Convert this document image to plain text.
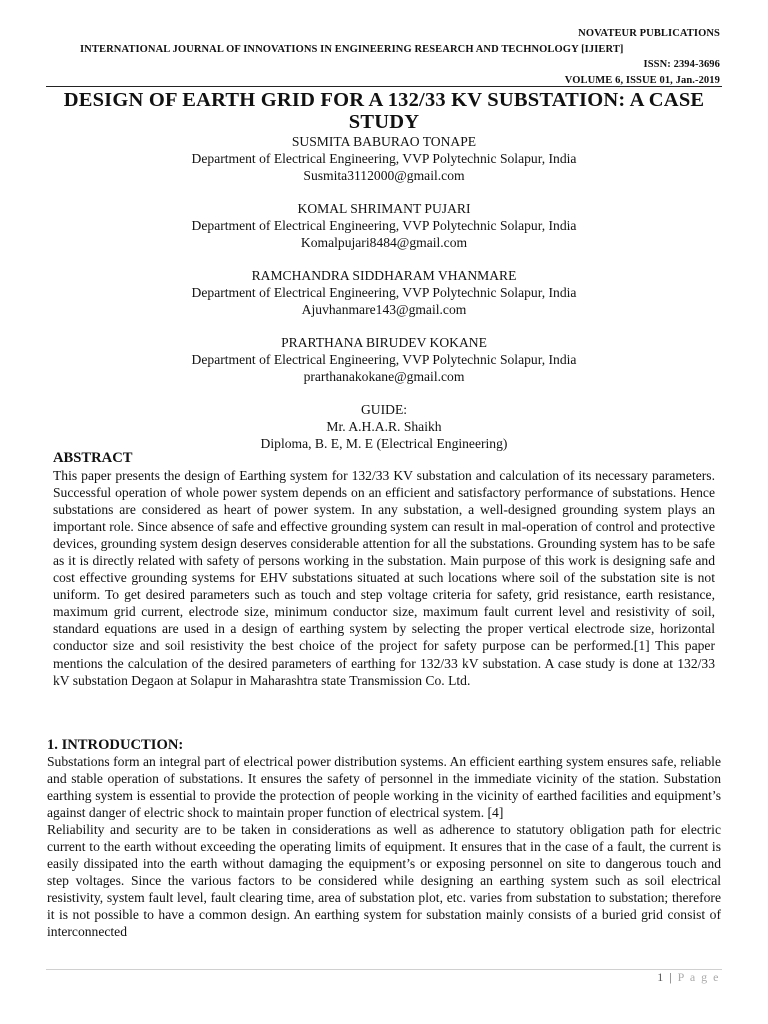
NOVATEUR PUBLICATIONS
INTERNATIONAL JOURNAL OF INNOVATIONS IN ENGINEERING RESEARCH AND TECHNOLOGY [IJIERT]
ISSN: 2394-3696
VOLUME 6, ISSUE 01, Jan.-2019
DESIGN OF EARTH GRID FOR A 132/33 KV SUBSTATION: A CASE
STUDY
SUSMITA BABURAO TONAPE
Department of Electrical Engineering, VVP Polytechnic Solapur, India
Susmita3112000@gmail.com
KOMAL SHRIMANT PUJARI
Department of Electrical Engineering, VVP Polytechnic Solapur, India
Komalpujari8484@gmail.com
RAMCHANDRA SIDDHARAM VHANMARE
Department of Electrical Engineering, VVP Polytechnic Solapur, India
Ajuvhanmare143@gmail.com
PRARTHANA BIRUDEV KOKANE
Department of Electrical Engineering, VVP Polytechnic Solapur, India
prarthanakokane@gmail.com
GUIDE:
Mr. A.H.A.R. Shaikh
Diploma, B. E, M. E (Electrical Engineering)
ABSTRACT

This paper presents the design of Earthing system for 132/33 KV substation and calculation of its necessary parameters. Successful operation of whole power system depends on an efficient and satisfactory performance of substations. Hence substations are considered as heart of power system. In any substation, a well-designed grounding system plays an important role. Since absence of safe and effective grounding system can result in mal-operation of control and protective devices, grounding system design deserves considerable attention for all the substations. Grounding system has to be safe as it is directly related with safety of persons working in the substation. Main purpose of this work is designing safe and cost effective grounding systems for EHV substations situated at such locations where soil of the substation site is not uniform. To get desired parameters such as touch and step voltage criteria for safety, grid resistance, earth resistance, maximum grid current, electrode size, minimum conductor size, maximum fault current level and resistivity of soil, standard equations are used in a design of earthing system by selecting the proper vertical electrode size, horizontal conductor size and soil resistivity the best choice of the project for safety purpose can be performed.[1] This paper mentions the calculation of the desired parameters of earthing for 132/33 kV substation. A case study is done at 132/33 kV substation Degaon at Solapur in Maharashtra state Transmission Co. Ltd.

1. INTRODUCTION:

Substations form an integral part of electrical power distribution systems. An efficient earthing system ensures safe, reliable and stable operation of substations. It ensures the safety of personnel in the immediate vicinity of the station. Substation earthing system is essential to provide the protection of people working in the vicinity of earthed facilities and equipment’s against danger of electric shock to maintain proper function of electrical system. [4]

Reliability and security are to be taken in considerations as well as adherence to statutory obligation path for electric current to the earth without exceeding the operating limits of equipment. It ensures that in the case of a fault, the current is easily dissipated into the earth without damaging the equipment’s or exposing personnel on site to dangerous touch and step voltages. Since the various factors to be considered while designing an earthing system such as soil electrical resistivity, system fault level, fault clearing time, area of substation plot, etc. varies from substation to substation; therefore it is not possible to have a common design. An earthing system for substation mainly consists of a buried grid consist of interconnected

1 | P a g e
